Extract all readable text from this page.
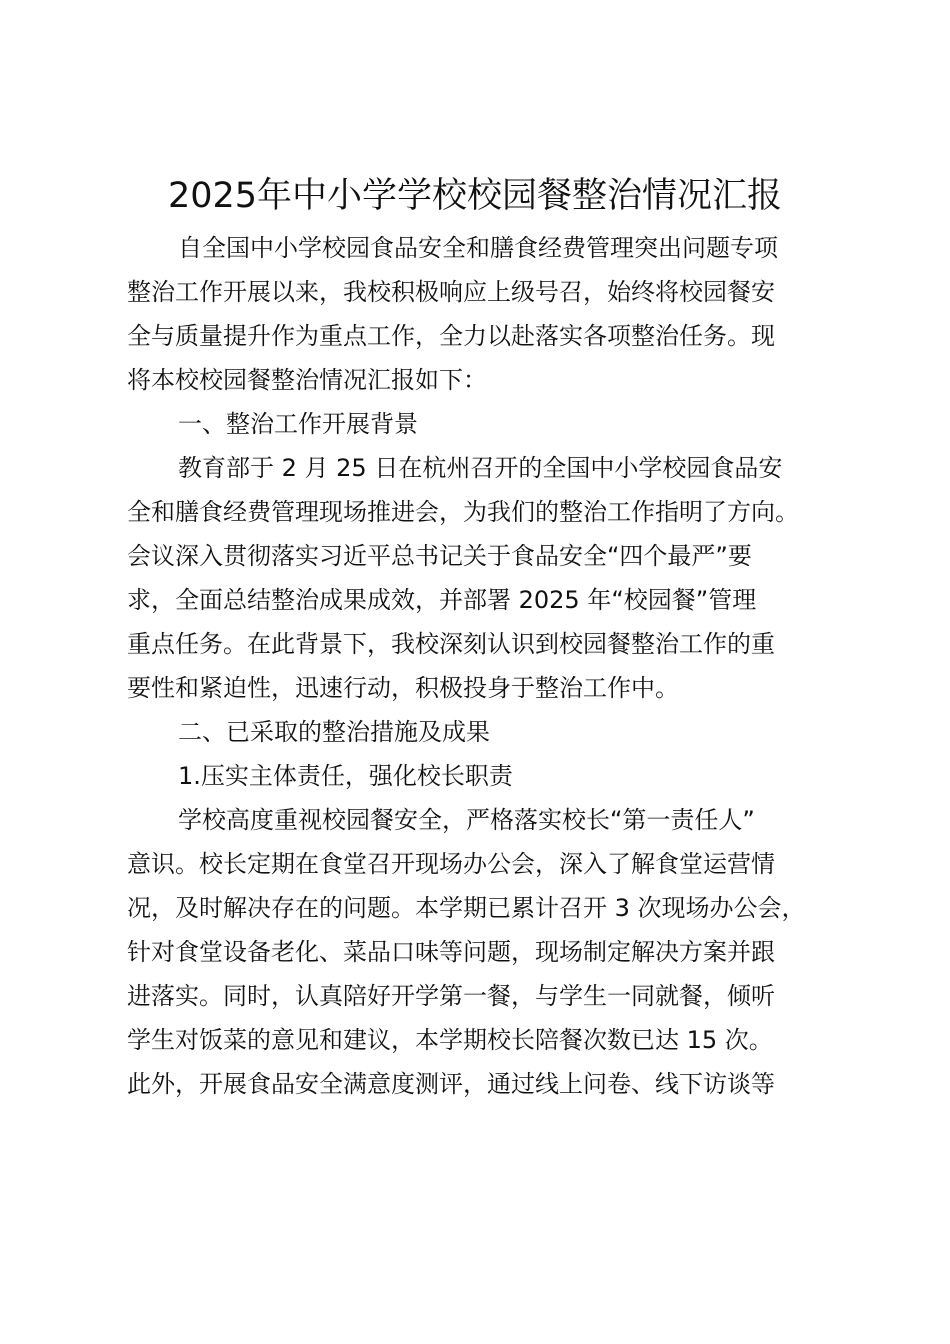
2025年中小学学校校园餐整治情况汇报

自全国中小学校园食品安全和膳食经费管理突出问题专项

整治工作开展以来，我校积极响应上级号召，始终将校园餐安

全与质量提升作为重点工作，全力以赴落实各项整治任务。现

将本校校园餐整治情况汇报如下：

一、整治工作开展背景

教育部于 2 月 25 日在杭州召开的全国中小学校园食品安

全和膳食经费管理现场推进会，为我们的整治工作指明了方向。

会议深入贯彻落实习近平总书记关于食品安全“四个最严”要

求，全面总结整治成果成效，并部署 2025 年“校园餐”管理

重点任务。在此背景下，我校深刻认识到校园餐整治工作的重

要性和紧迫性，迅速行动，积极投身于整治工作中。

二、已采取的整治措施及成果

1.压实主体责任，强化校长职责

学校高度重视校园餐安全，严格落实校长“第一责任人”

意识。校长定期在食堂召开现场办公会，深入了解食堂运营情

况，及时解决存在的问题。本学期已累计召开 3 次现场办公会，

针对食堂设备老化、菜品口味等问题，现场制定解决方案并跟

进落实。同时，认真陪好开学第一餐，与学生一同就餐，倾听

学生对饭菜的意见和建议，本学期校长陪餐次数已达 15 次。

此外，开展食品安全满意度测评，通过线上问卷、线下访谈等
